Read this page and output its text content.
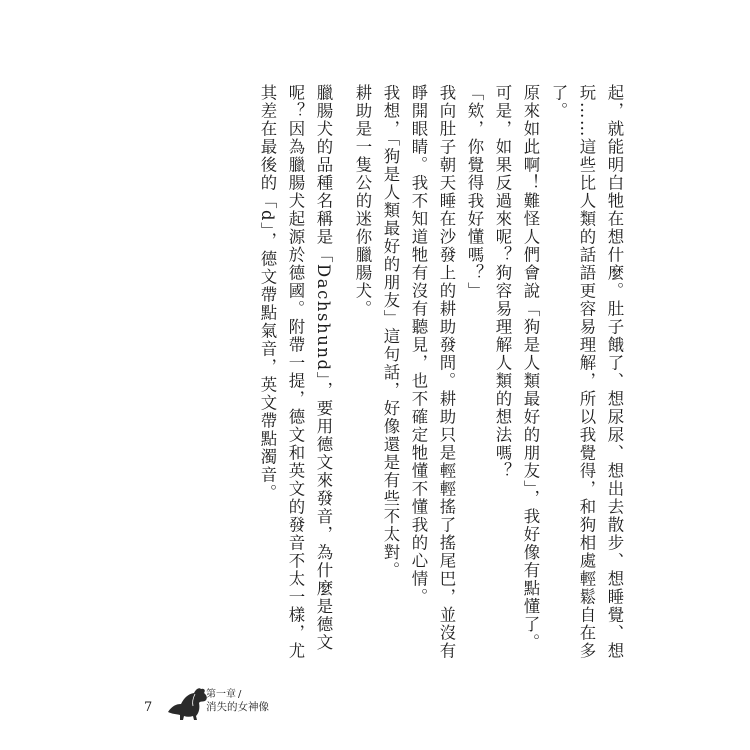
起，就能明白牠在想什麼。肚子餓了、想尿尿、想出去散步、想睡覺、想玩……這些比人類的話語更容易理解，所以我覺得，和狗相處輕鬆自在多了。

原來如此啊！難怪人們會說「狗是人類最好的朋友」，我好像有點懂了。可是，如果反過來呢？狗容易理解人類的想法嗎？

「欸，你覺得我好懂嗎？」

我向肚子朝天睡在沙發上的耕助發問。耕助只是輕輕搖了搖尾巴，並沒有睜開眼睛。我不知道牠有沒有聽見，也不確定牠懂不懂我的心情。

我想，「狗是人類最好的朋友」這句話，好像還是有些不太對。

耕助是一隻公的迷你臘腸犬。

臘腸犬的品種名稱是「Dachshund」，要用德文來發音，為什麼是德文呢？因為臘腸犬起源於德國。附帶一提，德文和英文的發音不太一樣，尤其差在最後的「d」，德文帶點氣音，英文帶點濁音。

7
第一章 /
消失的女神像
